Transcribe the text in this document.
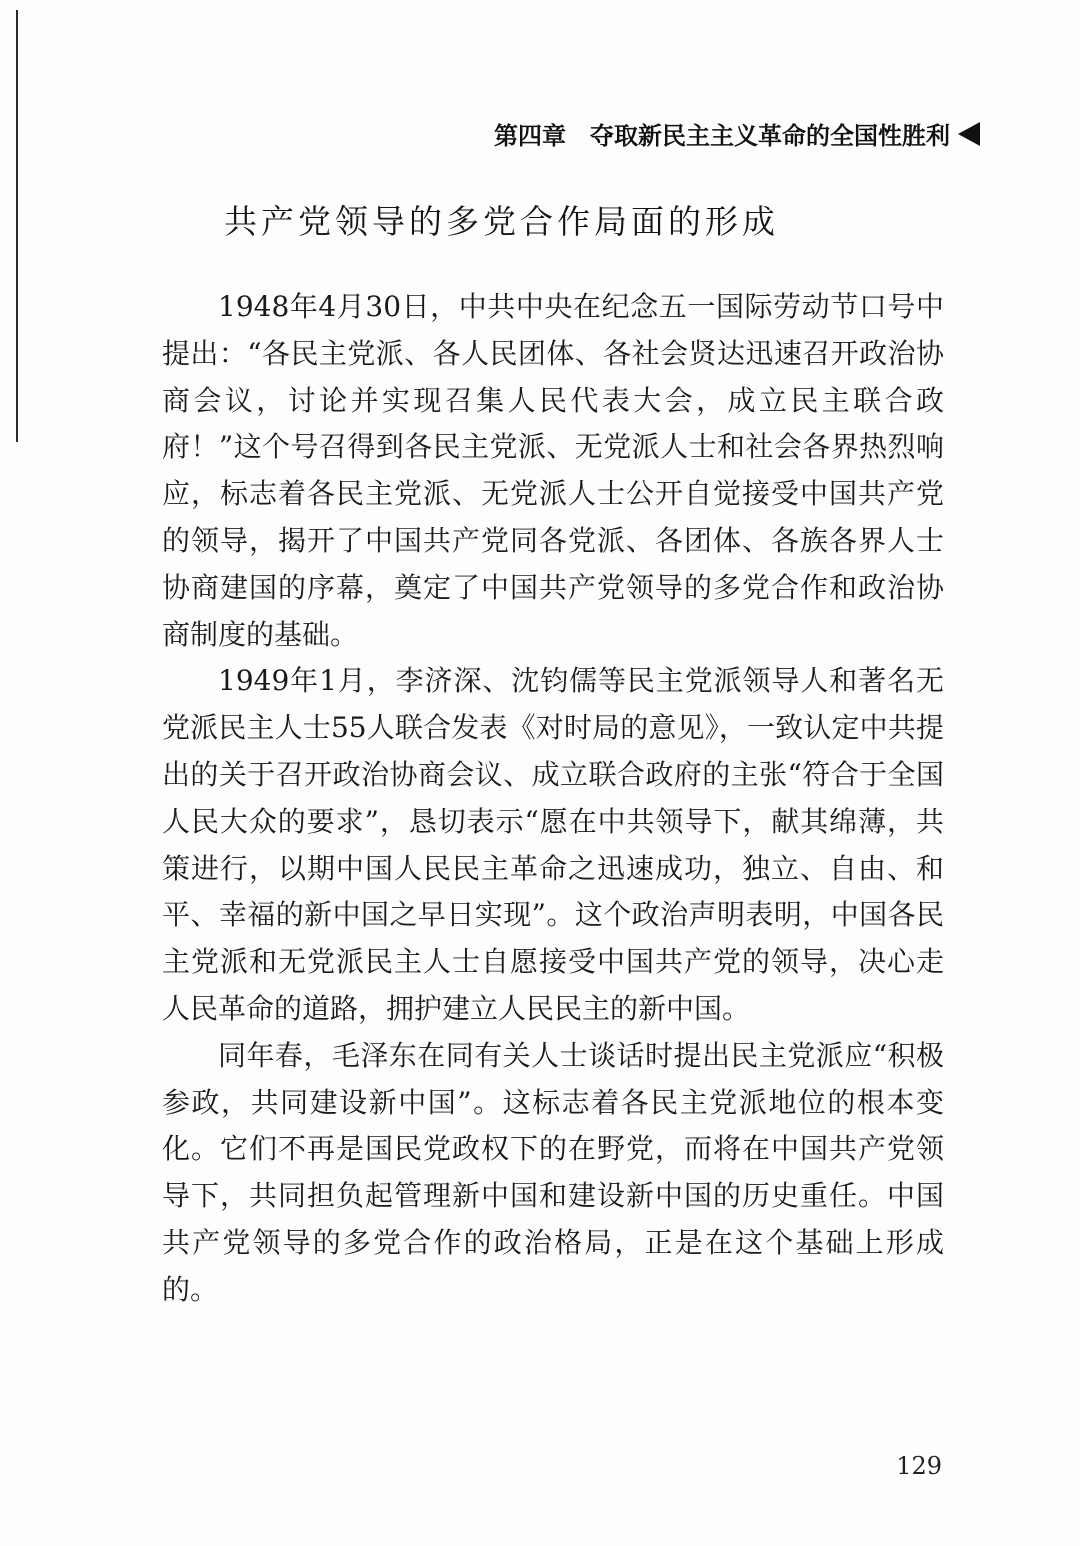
第四章 夺取新民主主义革命的全国性胜利
共产党领导的多党合作局面的形成

1948年4月30日，中共中央在纪念五一国际劳动节口号中提出：“各民主党派、各人民团体、各社会贤达迅速召开政治协商会议，讨论并实现召集人民代表大会，成立民主联合政府！”这个号召得到各民主党派、无党派人士和社会各界热烈响应，标志着各民主党派、无党派人士公开自觉接受中国共产党的领导，揭开了中国共产党同各党派、各团体、各族各界人士协商建国的序幕，奠定了中国共产党领导的多党合作和政治协商制度的基础。

1949年1月，李济深、沈钧儒等民主党派领导人和著名无党派民主人士55人联合发表《对时局的意见》，一致认定中共提出的关于召开政治协商会议、成立联合政府的主张“符合于全国人民大众的要求”，恳切表示“愿在中共领导下，献其绵薄，共策进行，以期中国人民民主革命之迅速成功，独立、自由、和平、幸福的新中国之早日实现”。这个政治声明表明，中国各民主党派和无党派民主人士自愿接受中国共产党的领导，决心走人民革命的道路，拥护建立人民民主的新中国。

同年春，毛泽东在同有关人士谈话时提出民主党派应“积极参政，共同建设新中国”。这标志着各民主党派地位的根本变化。它们不再是国民党政权下的在野党，而将在中国共产党领导下，共同担负起管理新中国和建设新中国的历史重任。中国共产党领导的多党合作的政治格局，正是在这个基础上形成的。

129
